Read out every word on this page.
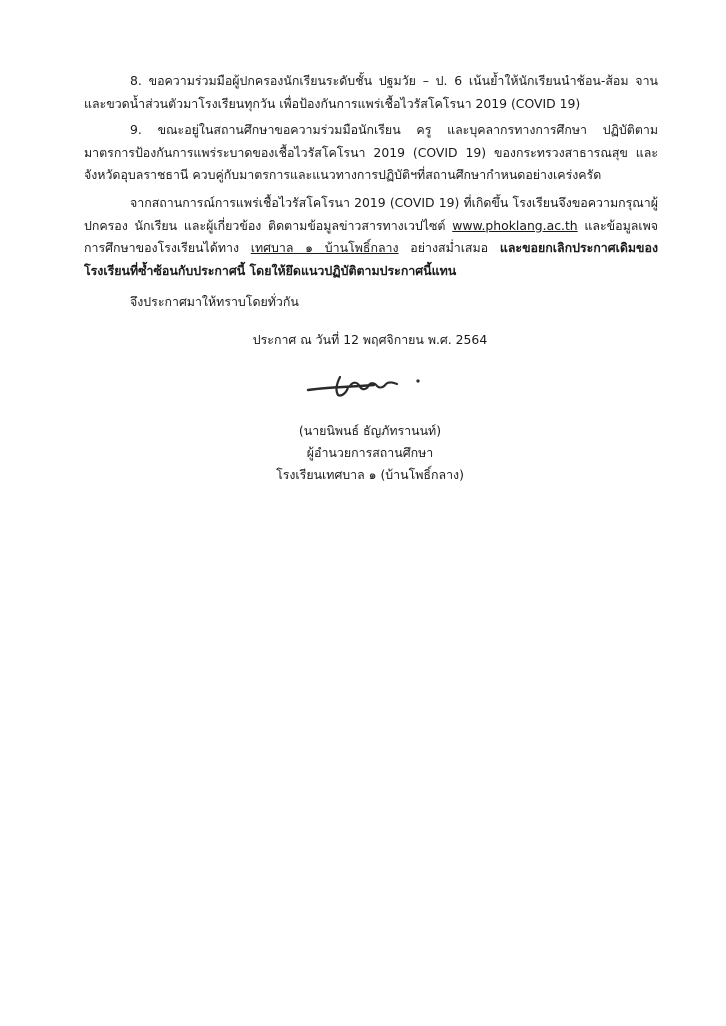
8. ขอความร่วมมือผู้ปกครองนักเรียนระดับชั้น ปฐมวัย – ป. 6 เน้นย้ำให้นักเรียนนำช้อน-ส้อม จาน และขวดน้ำส่วนตัวมาโรงเรียนทุกวัน เพื่อป้องกันการแพร่เชื้อไวรัสโคโรนา 2019 (COVID 19)

9. ขณะอยู่ในสถานศึกษาขอความร่วมมือนักเรียน ครู และบุคลากรทางการศึกษา ปฏิบัติตามมาตรการป้องกันการแพร่ระบาดของเชื้อไวรัสโคโรนา 2019 (COVID 19) ของกระทรวงสาธารณสุข และจังหวัดอุบลราชธานี ควบคู่กับมาตรการและแนวทางการปฏิบัติฯที่สถานศึกษากำหนดอย่างเคร่งครัด

จากสถานการณ์การแพร่เชื้อไวรัสโคโรนา 2019 (COVID 19) ที่เกิดขึ้น โรงเรียนจึงขอความกรุณาผู้ปกครอง นักเรียน และผู้เกี่ยวข้อง ติดตามข้อมูลข่าวสารทางเวปไซต์ www.phoklang.ac.th และข้อมูลเพจการศึกษาของโรงเรียนได้ทาง เทศบาล ๑ บ้านโพธิ์กลาง อย่างสม่ำเสมอ และขอยกเลิกประกาศเดิมของโรงเรียนที่ซ้ำซ้อนกับประกาศนี้ โดยให้ยึดแนวปฏิบัติตามประกาศนี้แทน

จึงประกาศมาให้ทราบโดยทั่วกัน

ประกาศ ณ วันที่ 12 พฤศจิกายน พ.ศ. 2564
(นายนิพนธ์ ธัญภัทรานนท์)
ผู้อำนวยการสถานศึกษา
โรงเรียนเทศบาล ๑ (บ้านโพธิ์กลาง)
